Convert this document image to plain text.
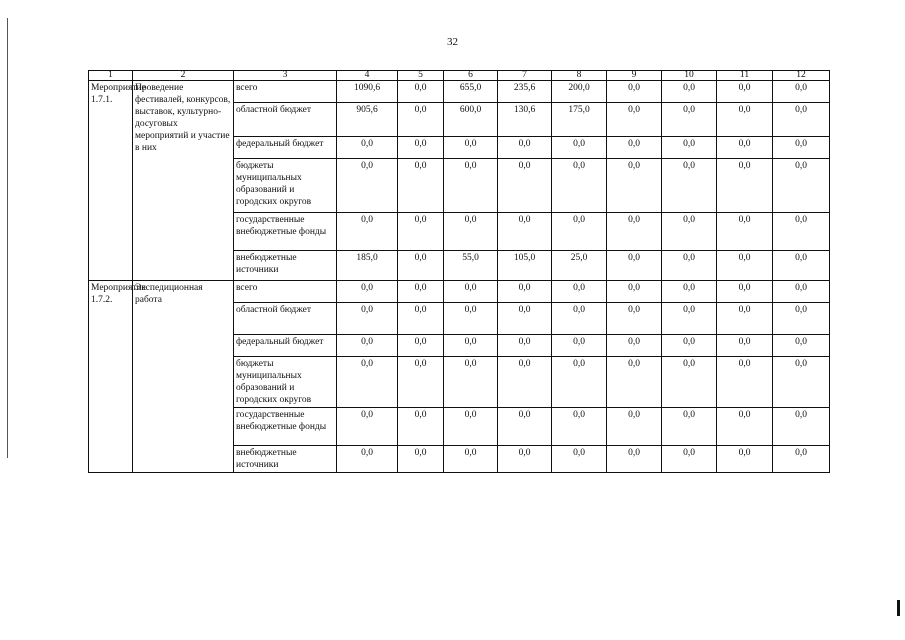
32
1	2	3	4	5	6	7	8	9	10	11	12
Мероприятие 1.7.1.	Проведение фестивалей, конкурсов, выставок, культурно-досуговых мероприятий и участие в них	всего	1090,6	0,0	655,0	235,6	200,0	0,0	0,0	0,0	0,0
		областной бюджет	905,6	0,0	600,0	130,6	175,0	0,0	0,0	0,0	0,0
		федеральный бюджет	0,0	0,0	0,0	0,0	0,0	0,0	0,0	0,0	0,0
		бюджеты муниципальных образований и городских округов	0,0	0,0	0,0	0,0	0,0	0,0	0,0	0,0	0,0
		государственные внебюджетные фонды	0,0	0,0	0,0	0,0	0,0	0,0	0,0	0,0	0,0
		внебюджетные источники	185,0	0,0	55,0	105,0	25,0	0,0	0,0	0,0	0,0
Мероприятие 1.7.2.	Экспедиционная работа	всего	0,0	0,0	0,0	0,0	0,0	0,0	0,0	0,0	0,0
		областной бюджет	0,0	0,0	0,0	0,0	0,0	0,0	0,0	0,0	0,0
		федеральный бюджет	0,0	0,0	0,0	0,0	0,0	0,0	0,0	0,0	0,0
		бюджеты муниципальных образований и городских округов	0,0	0,0	0,0	0,0	0,0	0,0	0,0	0,0	0,0
		государственные внебюджетные фонды	0,0	0,0	0,0	0,0	0,0	0,0	0,0	0,0	0,0
		внебюджетные источники	0,0	0,0	0,0	0,0	0,0	0,0	0,0	0,0	0,0
